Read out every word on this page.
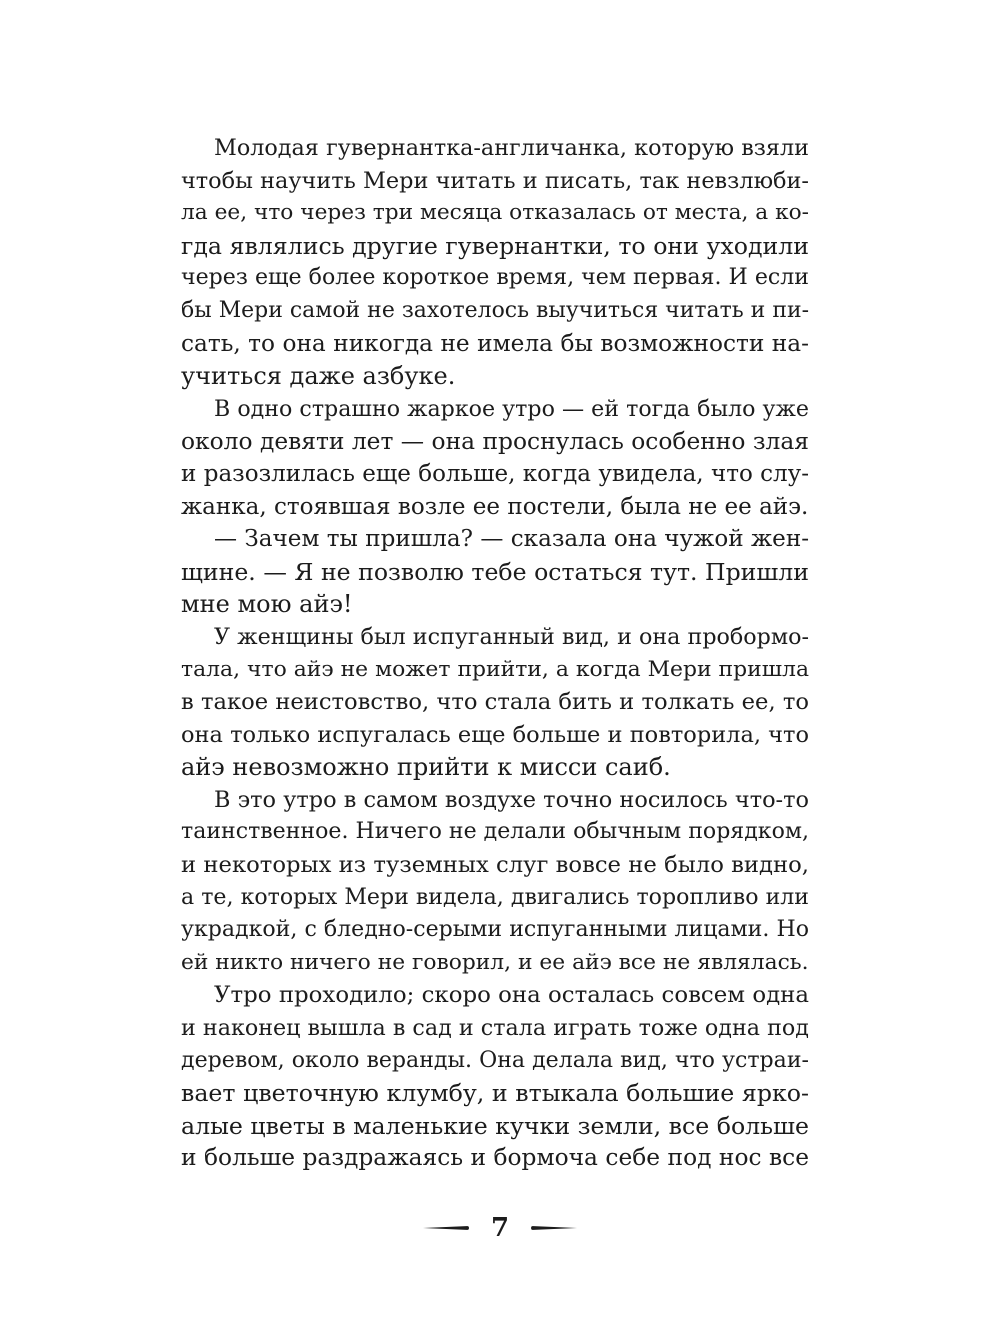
Молодая гувернантка-англичанка, которую взяли
чтобы научить Мери читать и писать, так невзлюби-
ла ее, что через три месяца отказалась от места, а ко-
гда являлись другие гувернантки, то они уходили
через еще более короткое время, чем первая. И если
бы Мери самой не захотелось выучиться читать и пи-
сать, то она никогда не имела бы возможности на-
учиться даже азбуке.
В одно страшно жаркое утро — ей тогда было уже
около девяти лет — она проснулась особенно злая
и разозлилась еще больше, когда увидела, что слу-
жанка, стоявшая возле ее постели, была не ее айэ.
— Зачем ты пришла? — сказала она чужой жен-
щине. — Я не позволю тебе остаться тут. Пришли
мне мою айэ!
У женщины был испуганный вид, и она пробормо-
тала, что айэ не может прийти, а когда Мери пришла
в такое неистовство, что стала бить и толкать ее, то
она только испугалась еще больше и повторила, что
айэ невозможно прийти к мисси саиб.
В это утро в самом воздухе точно носилось что-то
таинственное. Ничего не делали обычным порядком,
и некоторых из туземных слуг вовсе не было видно,
а те, которых Мери видела, двигались торопливо или
украдкой, с бледно-серыми испуганными лицами. Но
ей никто ничего не говорил, и ее айэ все не являлась.
Утро проходило; скоро она осталась совсем одна
и наконец вышла в сад и стала играть тоже одна под
деревом, около веранды. Она делала вид, что устраи-
вает цветочную клумбу, и втыкала большие ярко-
алые цветы в маленькие кучки земли, все больше
и больше раздражаясь и бормоча себе под нос все
7
